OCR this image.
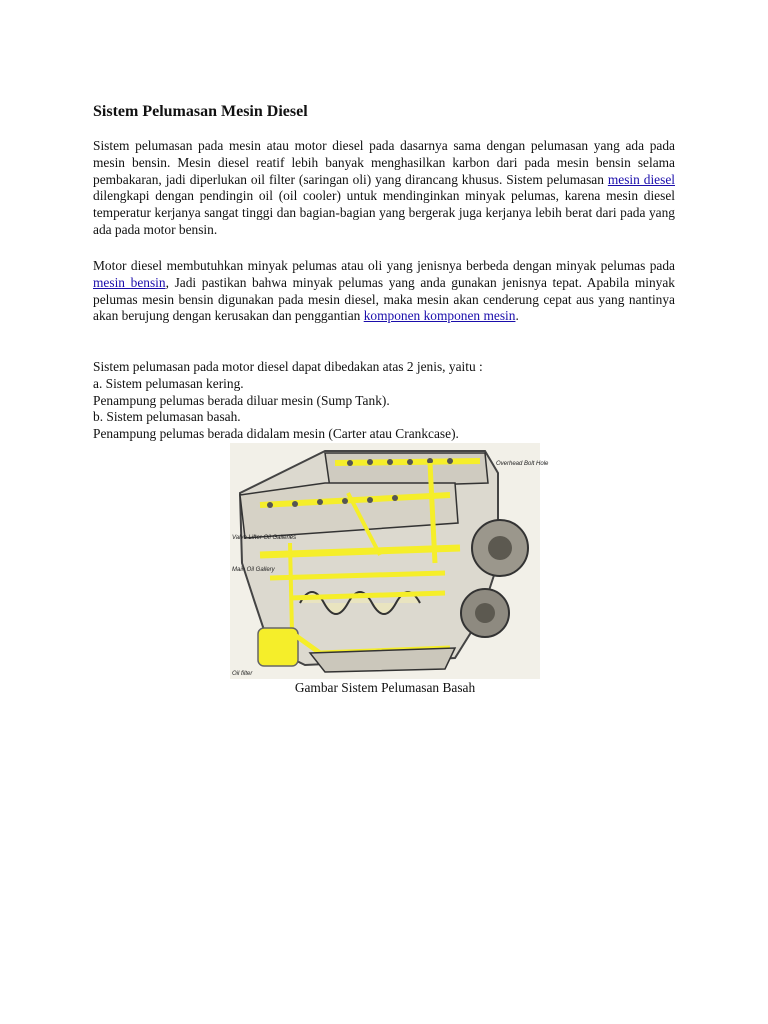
Sistem Pelumasan Mesin Diesel

Sistem pelumasan pada mesin atau motor diesel pada dasarnya sama dengan pelumasan yang ada pada mesin bensin. Mesin diesel reatif lebih banyak menghasilkan karbon dari pada mesin bensin selama pembakaran, jadi diperlukan oil filter (saringan oli) yang dirancang khusus. Sistem pelumasan mesin diesel dilengkapi dengan pendingin oil (oil cooler) untuk mendinginkan minyak pelumas, karena mesin diesel temperatur kerjanya sangat tinggi dan bagian-bagian yang bergerak juga kerjanya lebih berat dari pada yang ada pada motor bensin.

Motor diesel membutuhkan minyak pelumas atau oli yang jenisnya berbeda dengan minyak pelumas pada mesin bensin, Jadi pastikan bahwa minyak pelumas yang anda gunakan jenisnya tepat. Apabila minyak pelumas mesin bensin digunakan pada mesin diesel, maka mesin akan cenderung cepat aus yang nantinya akan berujung dengan kerusakan dan penggantian komponen komponen mesin.

Sistem pelumasan pada motor diesel dapat dibedakan atas 2 jenis, yaitu :
a. Sistem pelumasan kering.
Penampung pelumas berada diluar mesin (Sump Tank).
b. Sistem pelumasan basah.
Penampung pelumas berada didalam mesin (Carter atau Crankcase).
Overhead Bolt Hole
Valve Lifter Oil Galleries
Main Oil Gallery
Oil filter
Gambar Sistem Pelumasan Basah
